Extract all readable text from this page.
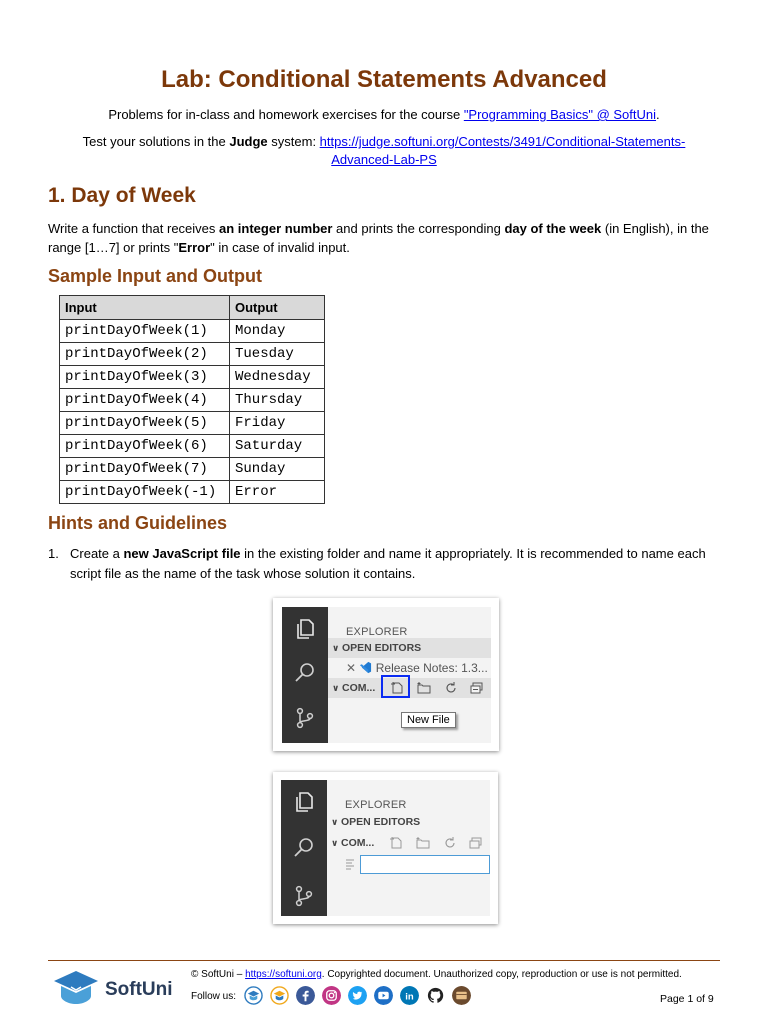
Lab: Conditional Statements Advanced
Problems for in-class and homework exercises for the course "Programming Basics" @ SoftUni.
Test your solutions in the Judge system: https://judge.softuni.org/Contests/3491/Conditional-Statements-
Advanced-Lab-PS
1. Day of Week
Write a function that receives an integer number and prints the corresponding day of the week (in English), in the range [1…7] or prints "Error" in case of invalid input.
Sample Input and Output
Input	Output
printDayOfWeek(1)	Monday
printDayOfWeek(2)	Tuesday
printDayOfWeek(3)	Wednesday
printDayOfWeek(4)	Thursday
printDayOfWeek(5)	Friday
printDayOfWeek(6)	Saturday
printDayOfWeek(7)	Sunday
printDayOfWeek(-1)	Error
Hints and Guidelines
1. Create a new JavaScript file in the existing folder and name it appropriately. It is recommended to name each script file as the name of the task whose solution it contains.
EXPLORER
∨ OPEN EDITORS
✕ Release Notes: 1.3...
∨ COM...
New File
EXPLORER
∨ OPEN EDITORS
∨ COM...
SoftUni
© SoftUni – https://softuni.org. Copyrighted document. Unauthorized copy, reproduction or use is not permitted.
Follow us:	in	Page 1 of 9
